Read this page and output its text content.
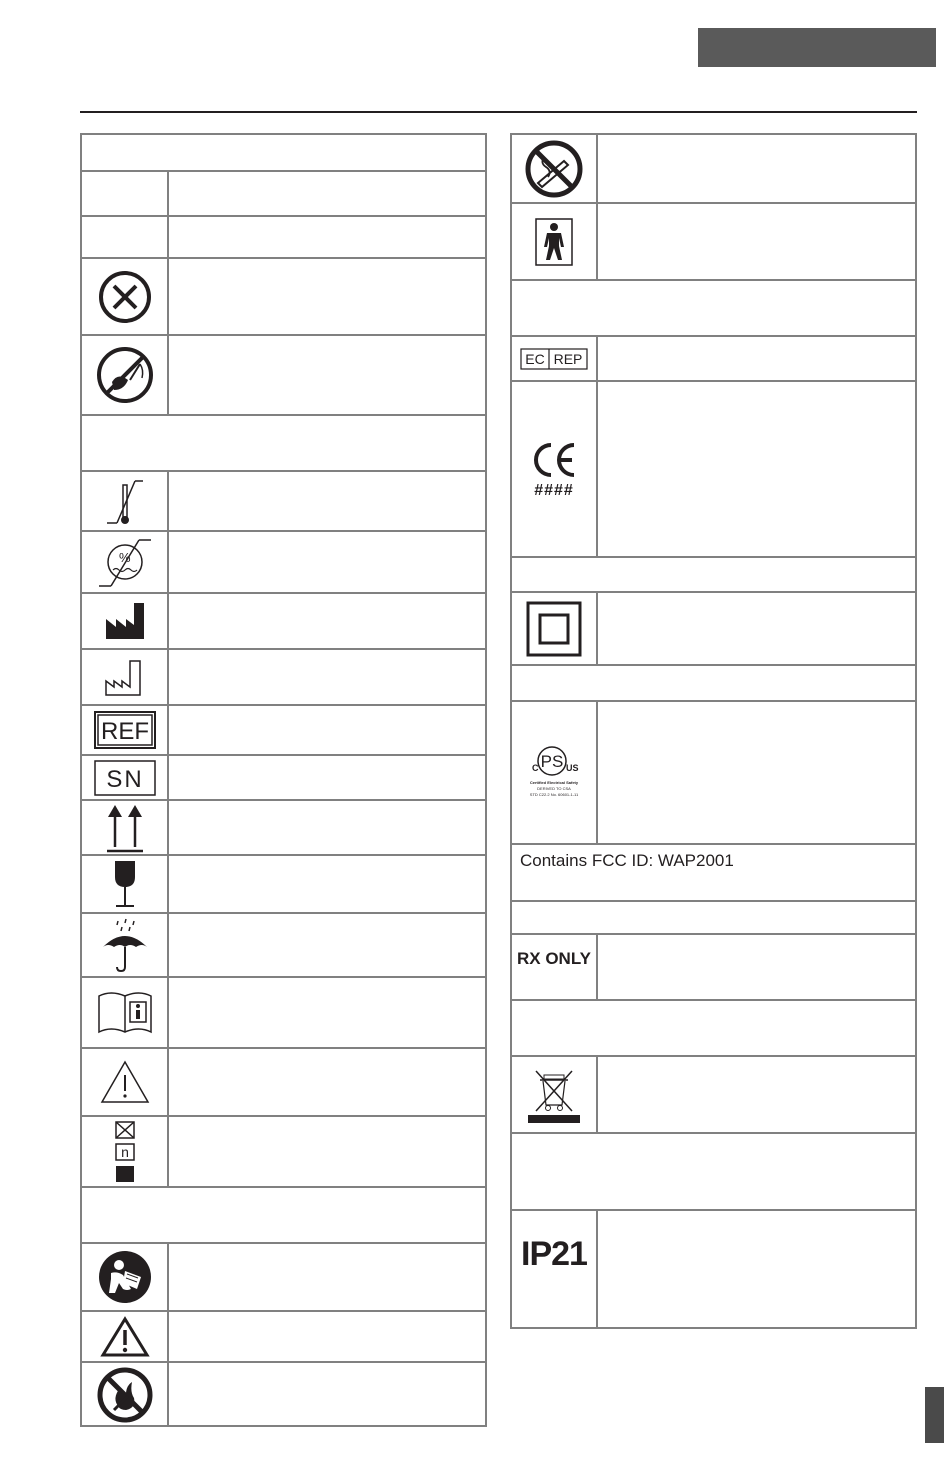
%
REF
SN
n
EC REP
####
PS
C	US
Certified Electrical Safety
DERIVED TO CSA
STD C22.2 No. 60601-1-11
Contains FCC ID: WAP2001
RX ONLY
IP21
